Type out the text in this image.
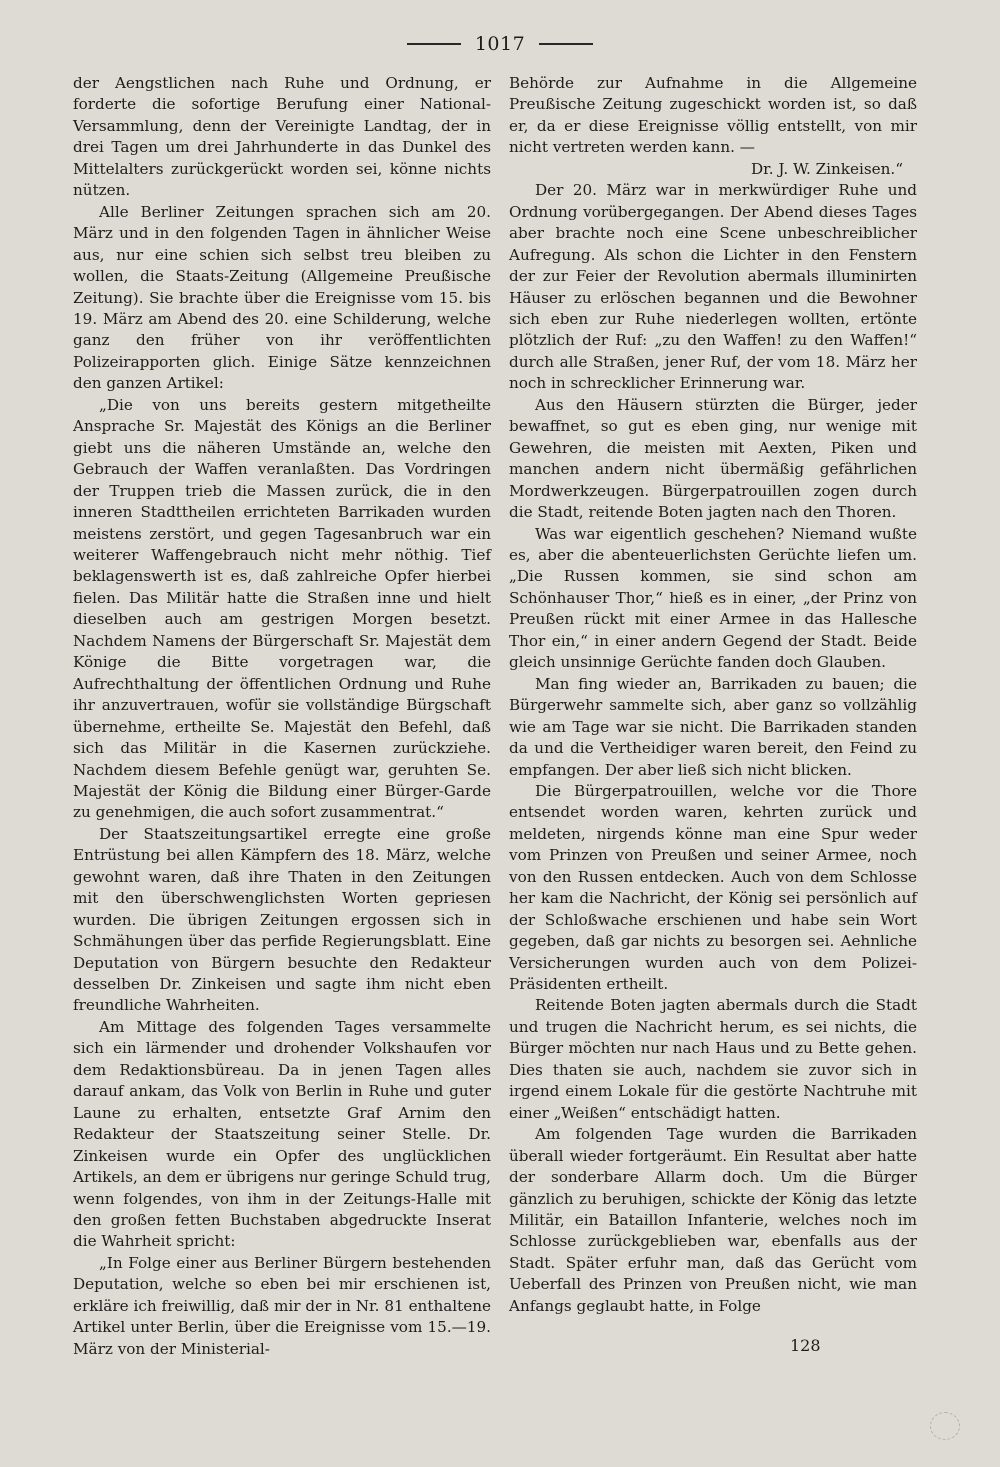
1017

der Aengstlichen nach Ruhe und Ordnung, er forderte die sofortige Berufung einer National-Versammlung, denn der Vereinigte Landtag, der in drei Tagen um drei Jahrhunderte in das Dunkel des Mittelalters zurückgerückt worden sei, könne nichts nützen.

Alle Berliner Zeitungen sprachen sich am 20. März und in den folgenden Tagen in ähnlicher Weise aus, nur eine schien sich selbst treu bleiben zu wollen, die Staats-Zeitung (Allgemeine Preußische Zeitung). Sie brachte über die Ereignisse vom 15. bis 19. März am Abend des 20. eine Schilderung, welche ganz den früher von ihr veröffentlichten Polizeirapporten glich. Einige Sätze kennzeichnen den ganzen Artikel:

„Die von uns bereits gestern mitgetheilte Ansprache Sr. Majestät des Königs an die Berliner giebt uns die näheren Umstände an, welche den Gebrauch der Waffen veranlaßten. Das Vordringen der Truppen trieb die Massen zurück, die in den inneren Stadttheilen errichteten Barrikaden wurden meistens zerstört, und gegen Tagesanbruch war ein weiterer Waffengebrauch nicht mehr nöthig. Tief beklagenswerth ist es, daß zahlreiche Opfer hierbei fielen. Das Militär hatte die Straßen inne und hielt dieselben auch am gestrigen Morgen besetzt. Nachdem Namens der Bürgerschaft Sr. Majestät dem Könige die Bitte vorgetragen war, die Aufrechthaltung der öffentlichen Ordnung und Ruhe ihr anzuvertrauen, wofür sie vollständige Bürgschaft übernehme, ertheilte Se. Majestät den Befehl, daß sich das Militär in die Kasernen zurückziehe. Nachdem diesem Befehle genügt war, geruhten Se. Majestät der König die Bildung einer Bürger-Garde zu genehmigen, die auch sofort zusammentrat.“

Der Staatszeitungsartikel erregte eine große Entrüstung bei allen Kämpfern des 18. März, welche gewohnt waren, daß ihre Thaten in den Zeitungen mit den überschwenglichsten Worten gepriesen wurden. Die übrigen Zeitungen ergossen sich in Schmähungen über das perfide Regierungsblatt. Eine Deputation von Bürgern besuchte den Redakteur desselben Dr. Zinkeisen und sagte ihm nicht eben freundliche Wahrheiten.

Am Mittage des folgenden Tages versammelte sich ein lärmender und drohender Volkshaufen vor dem Redaktionsbüreau. Da in jenen Tagen alles darauf ankam, das Volk von Berlin in Ruhe und guter Laune zu erhalten, entsetzte Graf Arnim den Redakteur der Staatszeitung seiner Stelle. Dr. Zinkeisen wurde ein Opfer des unglücklichen Artikels, an dem er übrigens nur geringe Schuld trug, wenn folgendes, von ihm in der Zeitungs-Halle mit den großen fetten Buchstaben abgedruckte Inserat die Wahrheit spricht:

„In Folge einer aus Berliner Bürgern bestehenden Deputation, welche so eben bei mir erschienen ist, erkläre ich freiwillig, daß mir der in Nr. 81 enthaltene Artikel unter Berlin, über die Ereignisse vom 15.—19. März von der Ministerial-

Behörde zur Aufnahme in die Allgemeine Preußische Zeitung zugeschickt worden ist, so daß er, da er diese Ereignisse völlig entstellt, von mir nicht vertreten werden kann. —

Dr. J. W. Zinkeisen.“

Der 20. März war in merkwürdiger Ruhe und Ordnung vorübergegangen. Der Abend dieses Tages aber brachte noch eine Scene unbeschreiblicher Aufregung. Als schon die Lichter in den Fenstern der zur Feier der Revolution abermals illuminirten Häuser zu erlöschen begannen und die Bewohner sich eben zur Ruhe niederlegen wollten, ertönte plötzlich der Ruf: „zu den Waffen! zu den Waffen!“ durch alle Straßen, jener Ruf, der vom 18. März her noch in schrecklicher Erinnerung war.

Aus den Häusern stürzten die Bürger, jeder bewaffnet, so gut es eben ging, nur wenige mit Gewehren, die meisten mit Aexten, Piken und manchen andern nicht übermäßig gefährlichen Mordwerkzeugen. Bürgerpatrouillen zogen durch die Stadt, reitende Boten jagten nach den Thoren.

Was war eigentlich geschehen? Niemand wußte es, aber die abenteuerlichsten Gerüchte liefen um. „Die Russen kommen, sie sind schon am Schönhauser Thor,“ hieß es in einer, „der Prinz von Preußen rückt mit einer Armee in das Hallesche Thor ein,“ in einer andern Gegend der Stadt. Beide gleich unsinnige Gerüchte fanden doch Glauben.

Man fing wieder an, Barrikaden zu bauen; die Bürgerwehr sammelte sich, aber ganz so vollzählig wie am Tage war sie nicht. Die Barrikaden standen da und die Vertheidiger waren bereit, den Feind zu empfangen. Der aber ließ sich nicht blicken.

Die Bürgerpatrouillen, welche vor die Thore entsendet worden waren, kehrten zurück und meldeten, nirgends könne man eine Spur weder vom Prinzen von Preußen und seiner Armee, noch von den Russen entdecken. Auch von dem Schlosse her kam die Nachricht, der König sei persönlich auf der Schloßwache erschienen und habe sein Wort gegeben, daß gar nichts zu besorgen sei. Aehnliche Versicherungen wurden auch von dem Polizei-Präsidenten ertheilt.

Reitende Boten jagten abermals durch die Stadt und trugen die Nachricht herum, es sei nichts, die Bürger möchten nur nach Haus und zu Bette gehen. Dies thaten sie auch, nachdem sie zuvor sich in irgend einem Lokale für die gestörte Nachtruhe mit einer „Weißen“ entschädigt hatten.

Am folgenden Tage wurden die Barrikaden überall wieder fortgeräumt. Ein Resultat aber hatte der sonderbare Allarm doch. Um die Bürger gänzlich zu beruhigen, schickte der König das letzte Militär, ein Bataillon Infanterie, welches noch im Schlosse zurückgeblieben war, ebenfalls aus der Stadt. Später erfuhr man, daß das Gerücht vom Ueberfall des Prinzen von Preußen nicht, wie man Anfangs geglaubt hatte, in Folge

128
